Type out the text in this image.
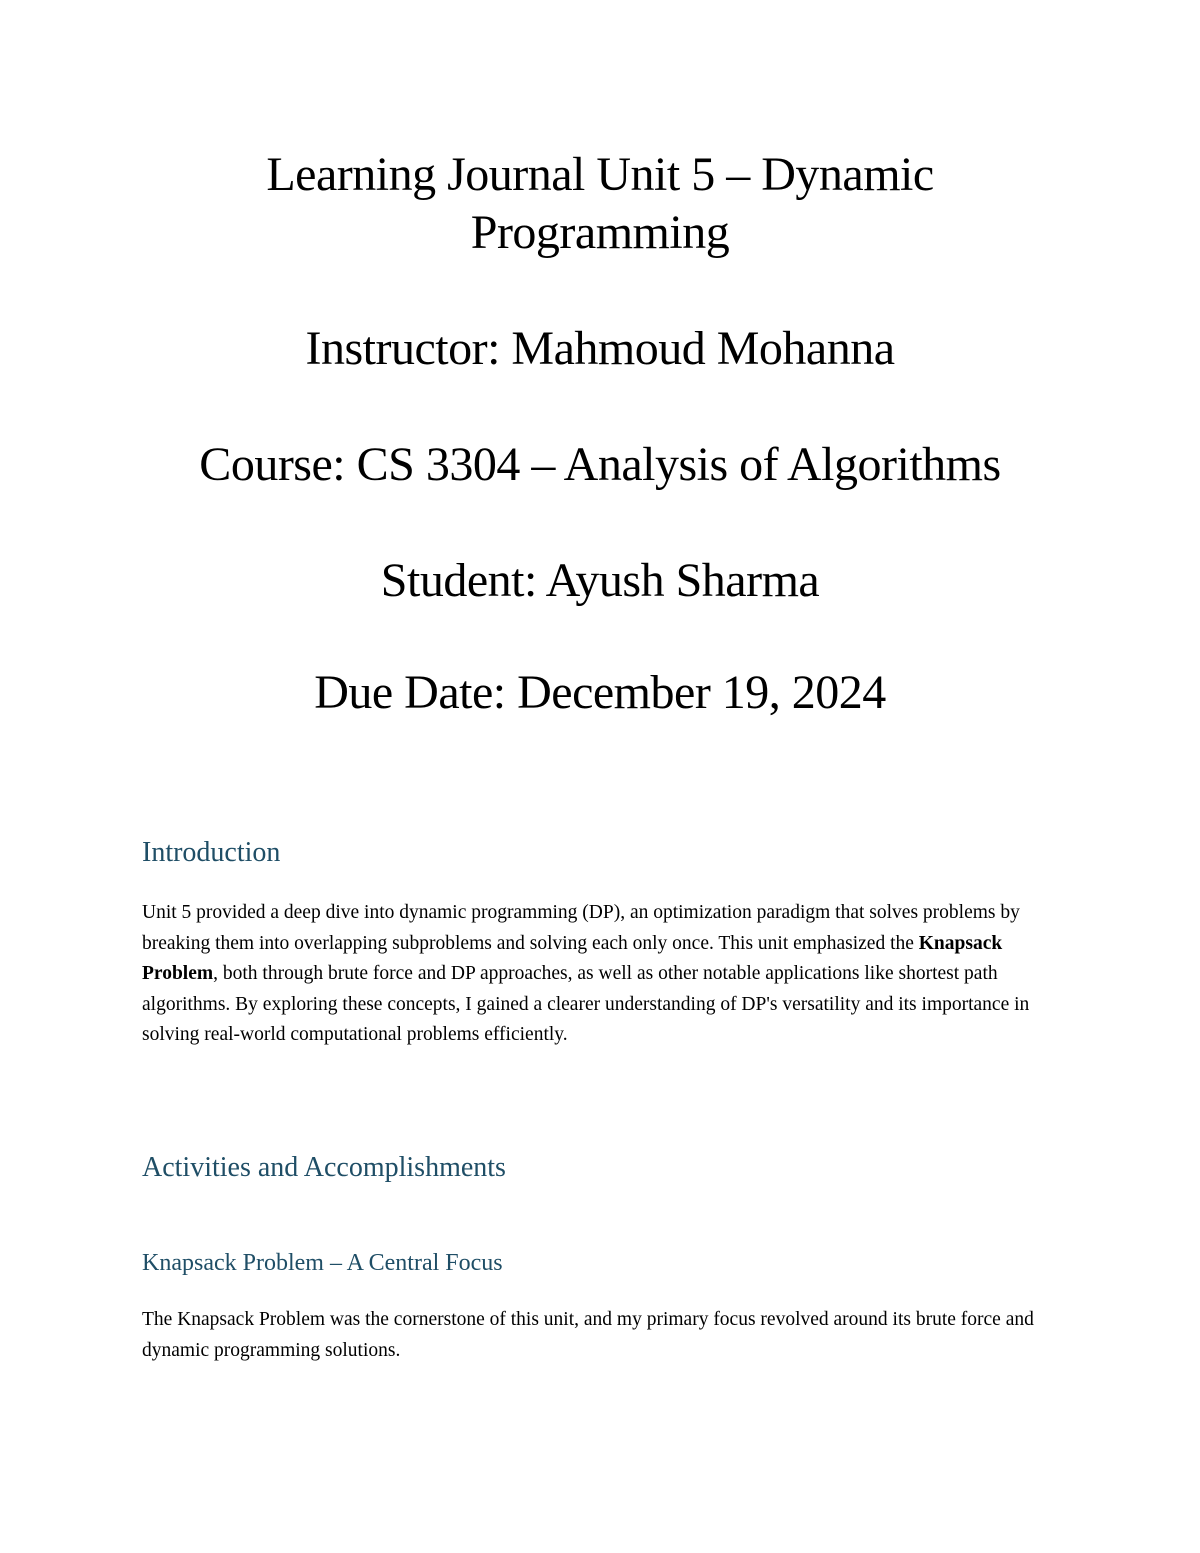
Learning Journal Unit 5 – Dynamic
Programming
Instructor: Mahmoud Mohanna
Course: CS 3304 – Analysis of Algorithms
Student: Ayush Sharma
Due Date: December 19, 2024
Introduction

Unit 5 provided a deep dive into dynamic programming (DP), an optimization paradigm that solves problems by breaking them into overlapping subproblems and solving each only once. This unit emphasized the Knapsack Problem, both through brute force and DP approaches, as well as other notable applications like shortest path algorithms. By exploring these concepts, I gained a clearer understanding of DP's versatility and its importance in solving real-world computational problems efficiently.

Activities and Accomplishments
Knapsack Problem – A Central Focus

The Knapsack Problem was the cornerstone of this unit, and my primary focus revolved around its brute force and dynamic programming solutions.
